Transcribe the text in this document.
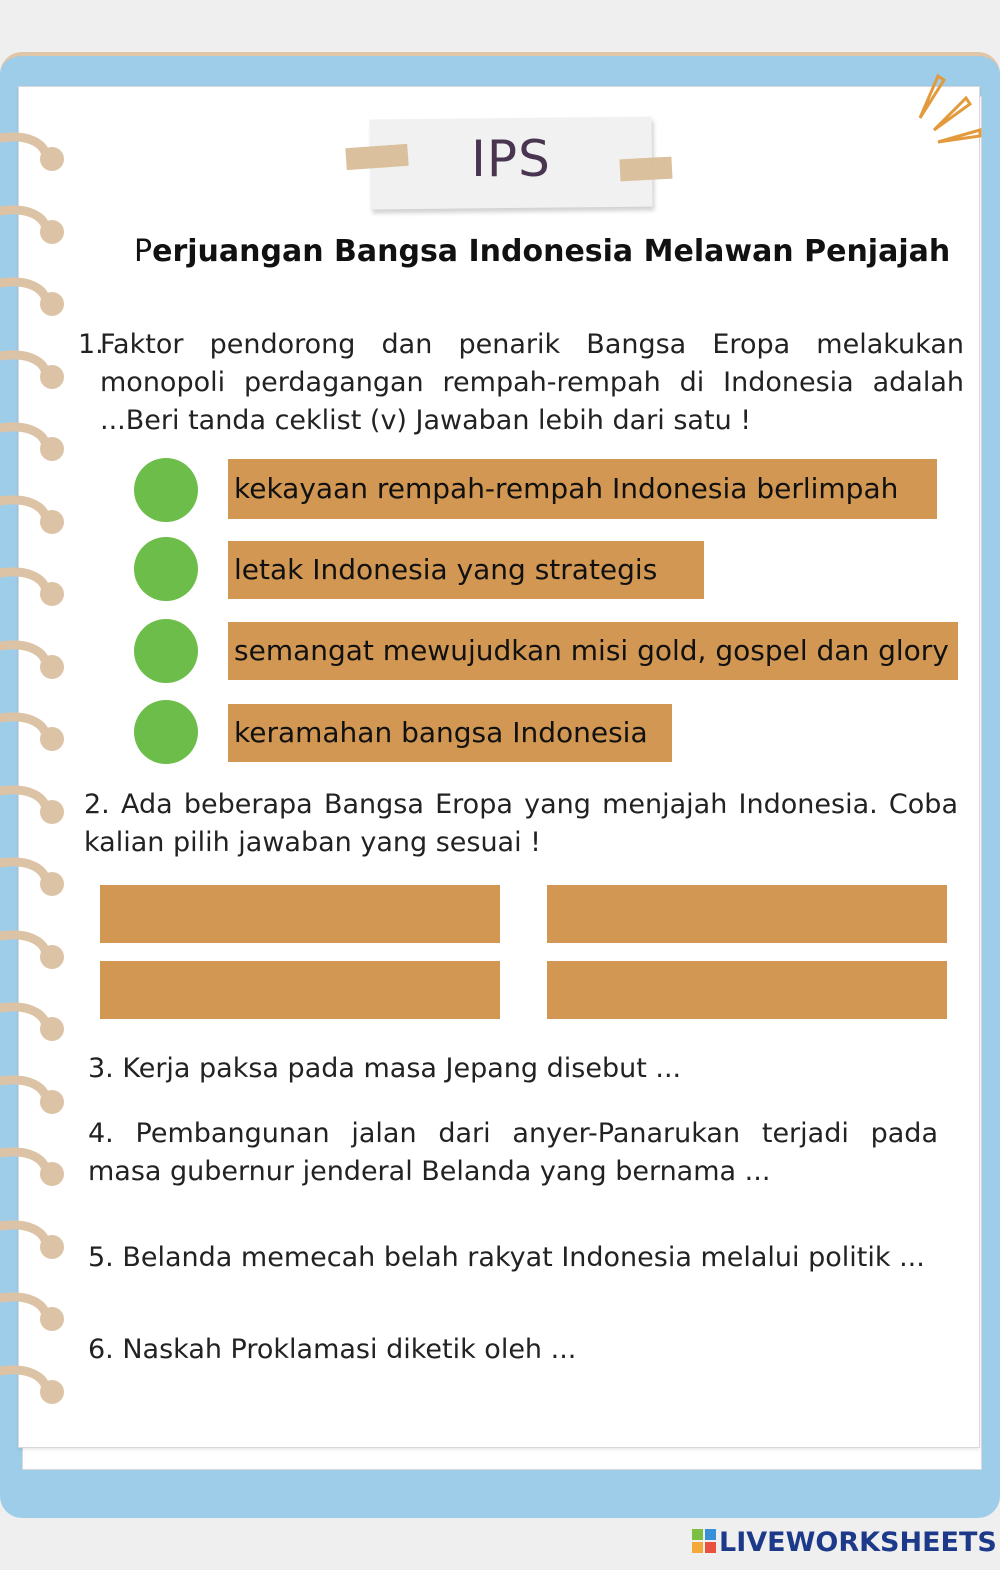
IPS
Perjuangan Bangsa Indonesia Melawan Penjajah
1.
Faktor pendorong dan penarik Bangsa Eropa melakukan monopoli perdagangan rempah-rempah di Indonesia adalah ...Beri tanda ceklist (v) Jawaban lebih dari satu !
kekayaan rempah-rempah Indonesia berlimpah
letak Indonesia yang strategis
semangat mewujudkan misi gold, gospel dan glory
keramahan bangsa Indonesia
2. Ada beberapa Bangsa Eropa yang menjajah Indonesia. Coba kalian pilih jawaban yang sesuai !
3. Kerja paksa pada masa Jepang disebut ...
4. Pembangunan jalan dari anyer-Panarukan terjadi pada masa gubernur jenderal Belanda yang bernama ...
5. Belanda memecah belah rakyat Indonesia melalui politik ...
6. Naskah Proklamasi diketik oleh ...
LIVEWORKSHEETS
